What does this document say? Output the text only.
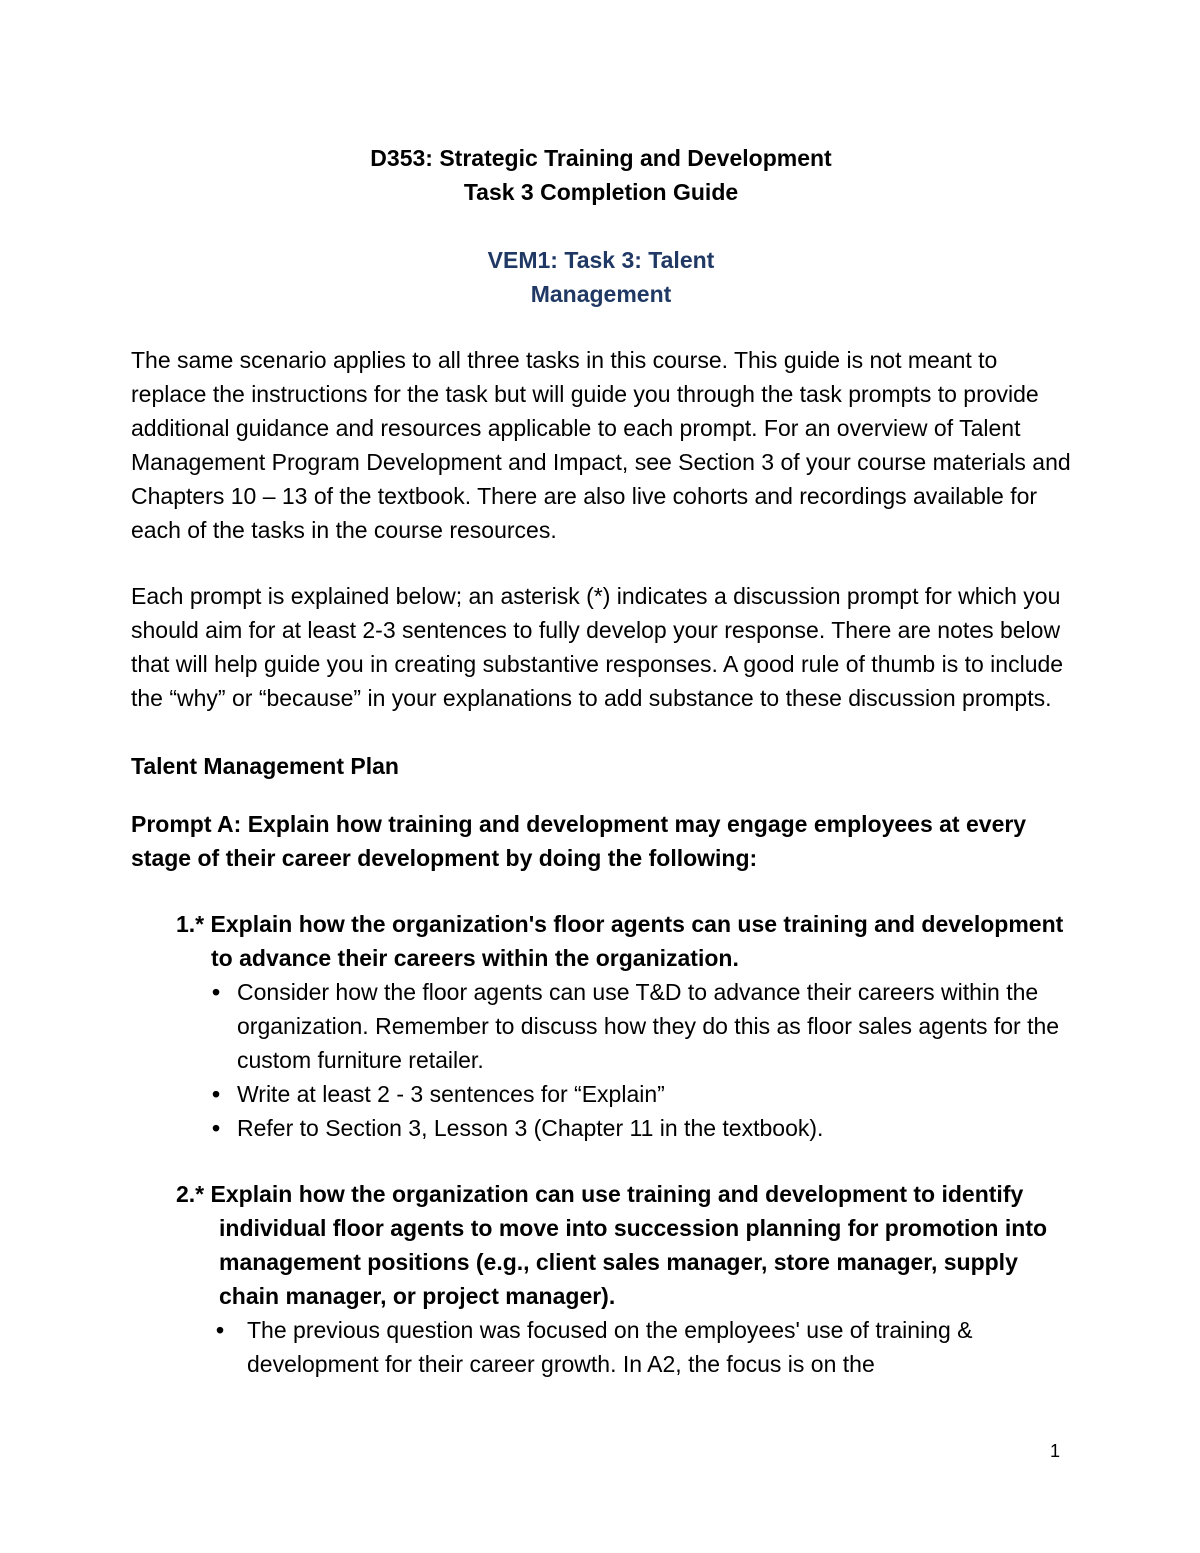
D353: Strategic Training and Development
Task 3 Completion Guide
VEM1: Task 3: Talent
Management

The same scenario applies to all three tasks in this course. This guide is not meant to replace the instructions for the task but will guide you through the task prompts to provide additional guidance and resources applicable to each prompt. For an overview of Talent Management Program Development and Impact, see Section 3 of your course materials and Chapters 10 – 13 of the textbook. There are also live cohorts and recordings available for each of the tasks in the course resources.

Each prompt is explained below; an asterisk (*) indicates a discussion prompt for which you should aim for at least 2-3 sentences to fully develop your response. There are notes below that will help guide you in creating substantive responses. A good rule of thumb is to include the “why” or “because” in your explanations to add substance to these discussion prompts.

Talent Management Plan

Prompt A: Explain how training and development may engage employees at every stage of their career development by doing the following:

1.* Explain how the organization's floor agents can use training and development to advance their careers within the organization.

• Consider how the floor agents can use T&D to advance their careers within the organization. Remember to discuss how they do this as floor sales agents for the custom furniture retailer.
• Write at least 2 - 3 sentences for “Explain”
• Refer to Section 3, Lesson 3 (Chapter 11 in the textbook).

2.* Explain how the organization can use training and development to identify individual floor agents to move into succession planning for promotion into management positions (e.g., client sales manager, store manager, supply chain manager, or project manager).

• The previous question was focused on the employees' use of training & development for their career growth. In A2, the focus is on the
1
